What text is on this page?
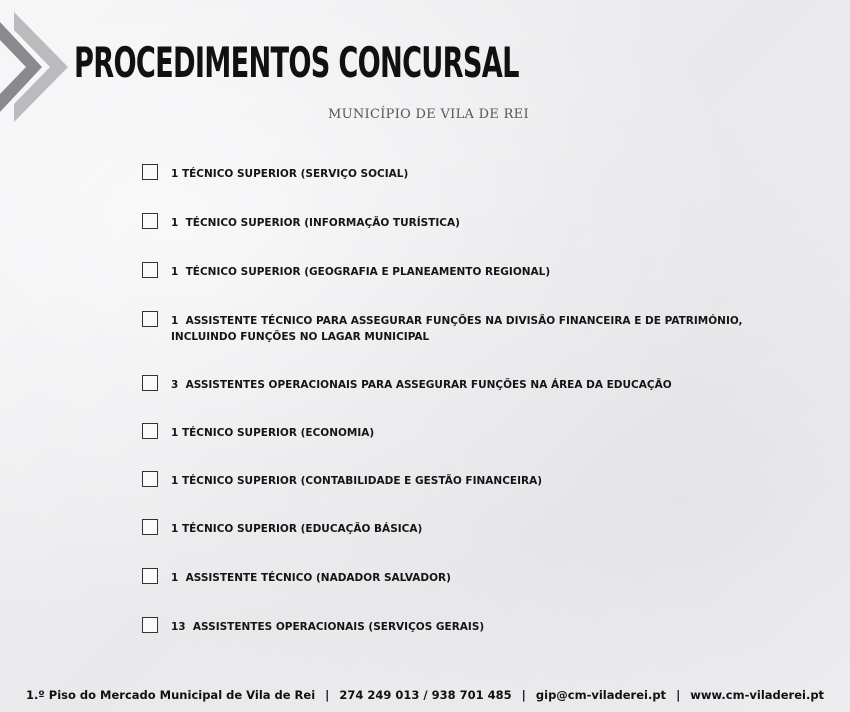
PROCEDIMENTOS CONCURSAL
MUNICÍPIO DE VILA DE REI
1 TÉCNICO SUPERIOR (SERVIÇO SOCIAL)
1  TÉCNICO SUPERIOR (INFORMAÇÃO TURÍSTICA)
1  TÉCNICO SUPERIOR (GEOGRAFIA E PLANEAMENTO REGIONAL)
1  ASSISTENTE TÉCNICO PARA ASSEGURAR FUNÇÕES NA DIVISÃO FINANCEIRA E DE PATRIMÓNIO, INCLUINDO FUNÇÕES NO LAGAR MUNICIPAL
3  ASSISTENTES OPERACIONAIS PARA ASSEGURAR FUNÇÕES NA ÁREA DA EDUCAÇÃO
1 TÉCNICO SUPERIOR (ECONOMIA)
1 TÉCNICO SUPERIOR (CONTABILIDADE E GESTÃO FINANCEIRA)
1 TÉCNICO SUPERIOR (EDUCAÇÃO BÁSICA)
1  ASSISTENTE TÉCNICO (NADADOR SALVADOR)
13  ASSISTENTES OPERACIONAIS (SERVIÇOS GERAIS)
1.º Piso do Mercado Municipal de Vila de Rei | 274 249 013 / 938 701 485 | gip@cm-viladerei.pt | www.cm-viladerei.pt
